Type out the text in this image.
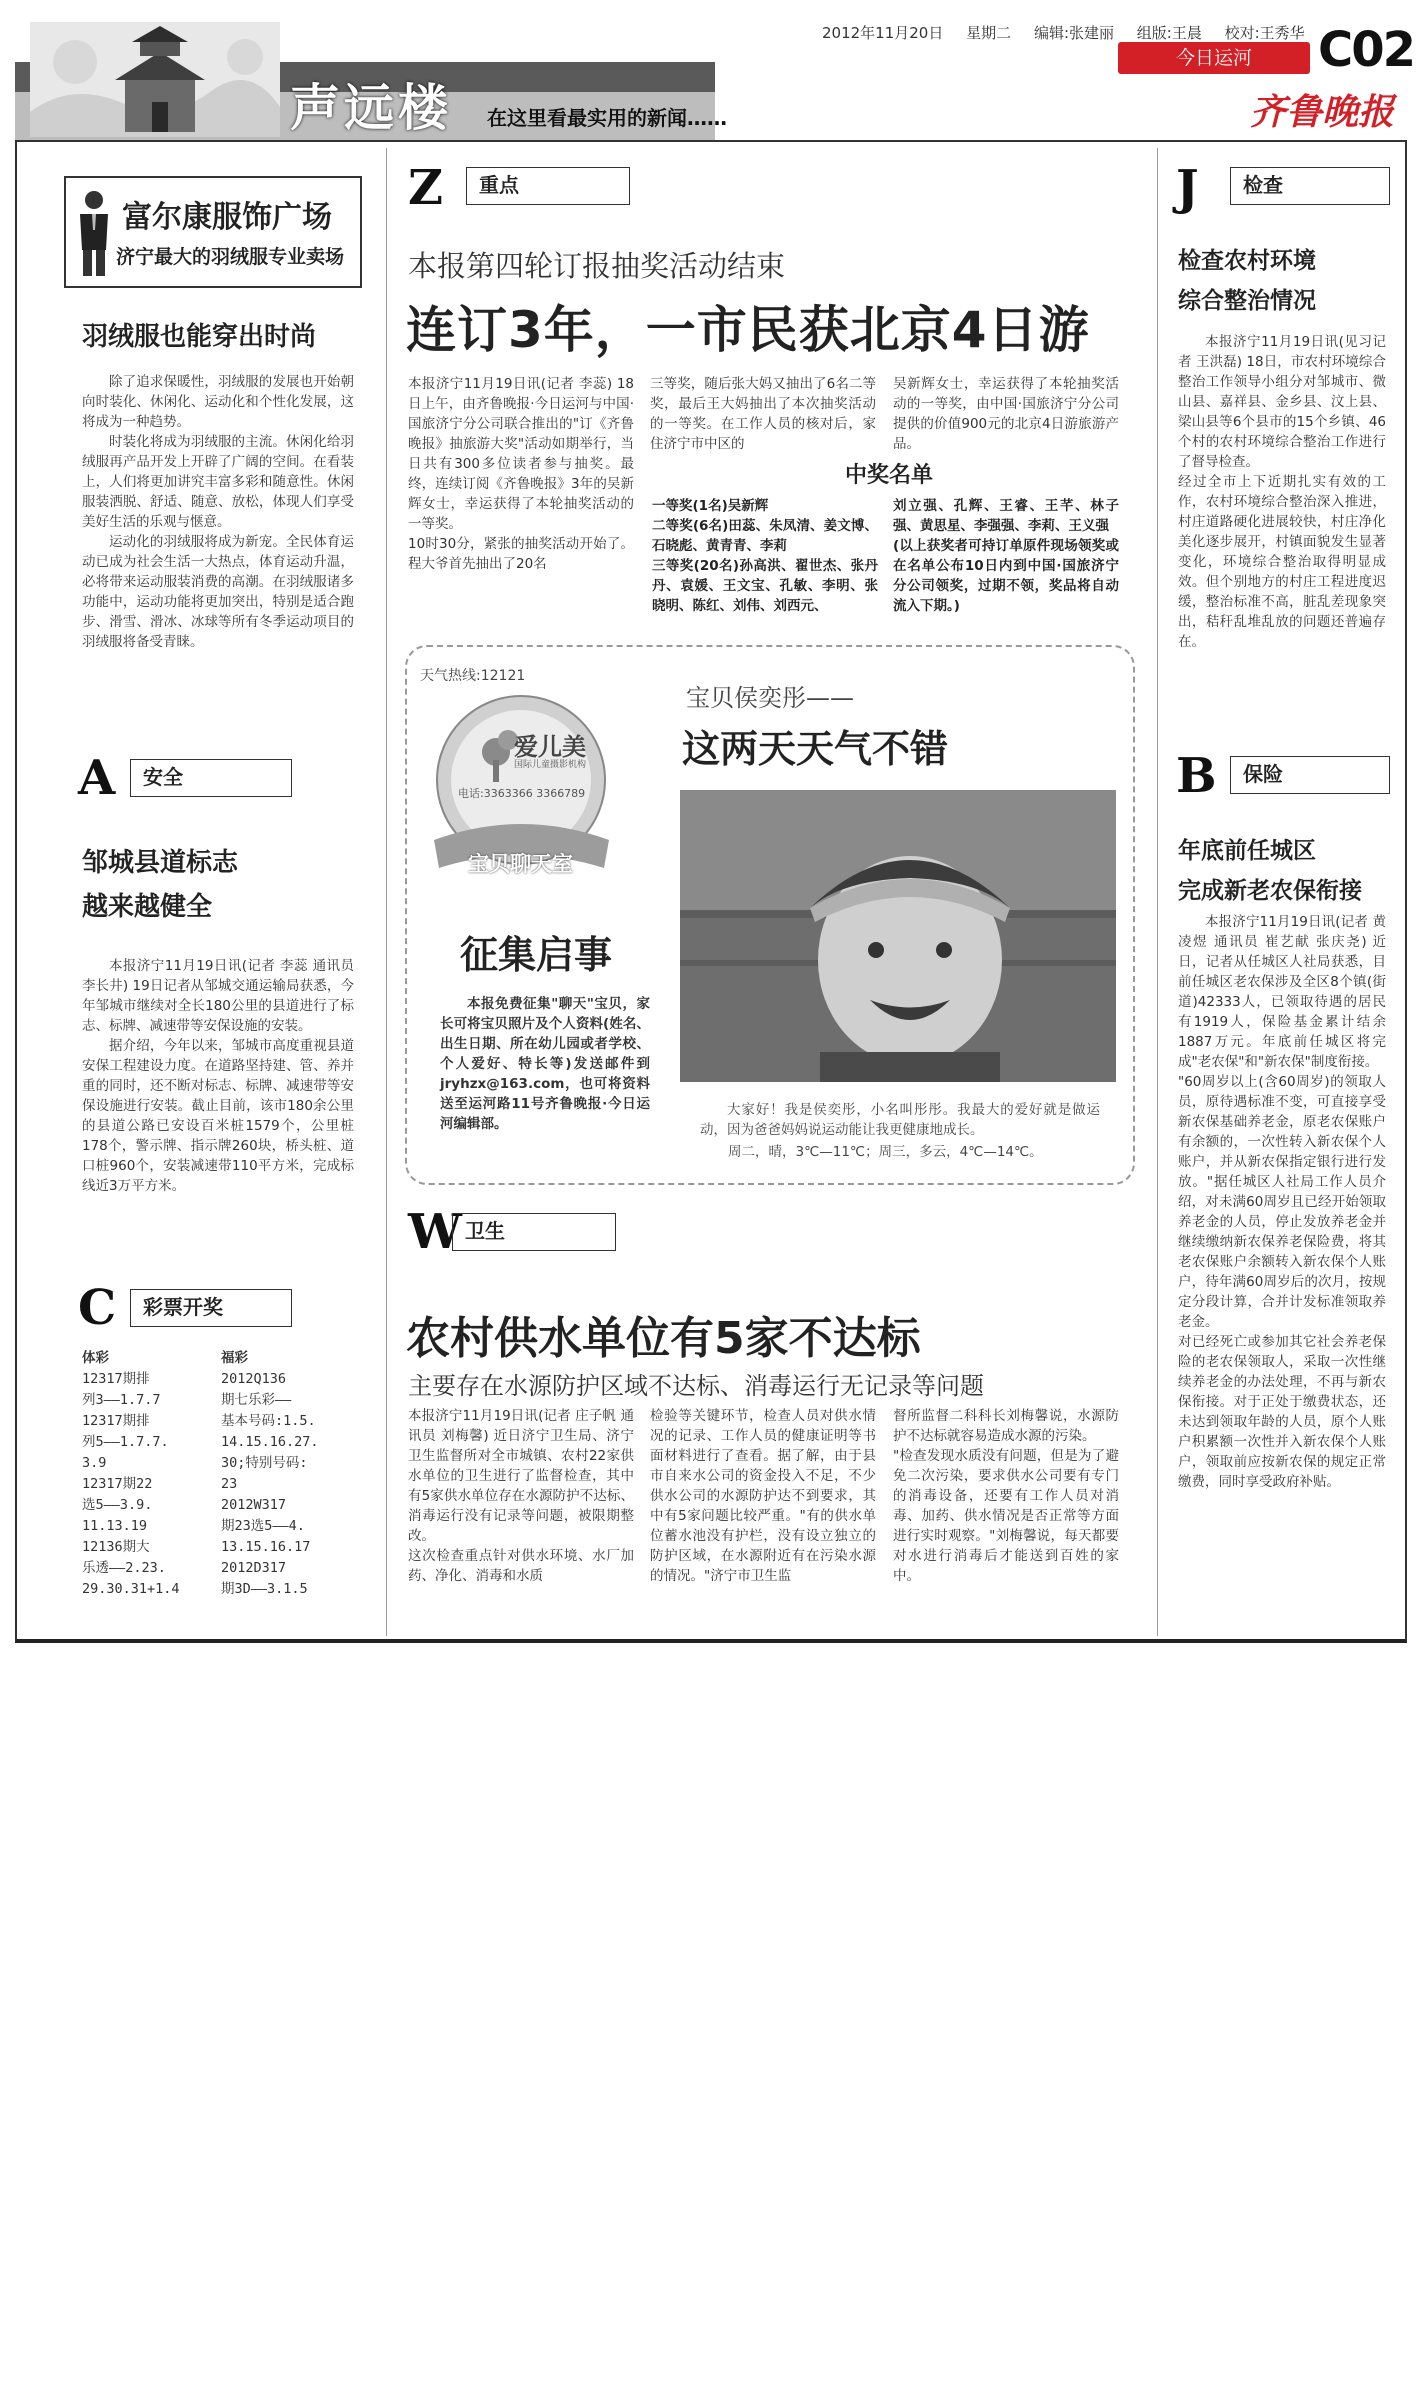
声远楼 在这里看最实用的新闻……
2012年11月20日 星期二 编辑:张建丽 组版:王晨 校对:王秀华
今日运河	C02
齐鲁晚报
富尔康服饰广场
济宁最大的羽绒服专业卖场
羽绒服也能穿出时尚

除了追求保暖性，羽绒服的发展也开始朝向时装化、休闲化、运动化和个性化发展，这将成为一种趋势。

时装化将成为羽绒服的主流。休闲化给羽绒服再产品开发上开辟了广阔的空间。在看装上，人们将更加讲究丰富多彩和随意性。休闲服装洒脱、舒适、随意、放松，体现人们享受美好生活的乐观与惬意。

运动化的羽绒服将成为新宠。全民体育运动已成为社会生活一大热点，体育运动升温，必将带来运动服装消费的高潮。在羽绒服诸多功能中，运动功能将更加突出，特别是适合跑步、滑雪、滑冰、冰球等所有冬季运动项目的羽绒服将备受青睐。

A	安全
邹城县道标志
越来越健全

本报济宁11月19日讯(记者 李蕊 通讯员 李长井) 19日记者从邹城交通运输局获悉，今年邹城市继续对全长180公里的县道进行了标志、标牌、减速带等安保设施的安装。

据介绍，今年以来，邹城市高度重视县道安保工程建设力度。在道路坚持建、管、养并重的同时，还不断对标志、标牌、减速带等安保设施进行安装。截止目前，该市180余公里的县道公路已安设百米桩1579个，公里桩178个，警示牌、指示牌260块，桥头桩、道口桩960个，安装减速带110平方米，完成标线近3万平方米。

C	彩票开奖
体彩
12317期排
列3——1.7.7
12317期排
列5——1.7.7.
3.9
12317期22
选5——3.9.
11.13.19
12136期大
乐透——2.23.
29.30.31+1.4
福彩
2012Q136
期七乐彩——
基本号码:1.5.
14.15.16.27.
30;特别号码:
23
2012W317
期23选5——4.
13.15.16.17
2012D317
期3D——3.1.5
Z	重点
本报第四轮订报抽奖活动结束
连订3年，一市民获北京4日游
本报济宁11月19日讯(记者 李蕊) 18日上午，由齐鲁晚报·今日运河与中国·国旅济宁分公司联合推出的"订《齐鲁晚报》抽旅游大奖"活动如期举行，当日共有300多位读者参与抽奖。最终，连续订阅《齐鲁晚报》3年的吴新辉女士，幸运获得了本轮抽奖活动的一等奖。
10时30分，紧张的抽奖活动开始了。程大爷首先抽出了20名
三等奖，随后张大妈又抽出了6名二等奖，最后王大妈抽出了本次抽奖活动的一等奖。在工作人员的核对后，家住济宁市中区的
吴新辉女士，幸运获得了本轮抽奖活动的一等奖，由中国·国旅济宁分公司提供的价值900元的北京4日游旅游产品。
中奖名单
一等奖(1名)吴新辉
二等奖(6名)田蕊、朱凤清、姜文博、石晓彪、黄青青、李莉
三等奖(20名)孙高洪、翟世杰、张丹丹、袁媛、王文宝、孔敏、李明、张晓明、陈红、刘伟、刘西元、
刘立强、孔辉、王睿、王芊、林子强、黄思星、李强强、李莉、王义强
(以上获奖者可持订单原件现场领奖或在名单公布10日内到中国·国旅济宁分公司领奖，过期不领，奖品将自动流入下期。)
天气热线:12121
爱儿美
国际儿童摄影机构
电话:3363366 3366789
宝贝聊天室
宝贝侯奕彤——
这两天天气不错
征集启事
本报免费征集"聊天"宝贝，家长可将宝贝照片及个人资料(姓名、出生日期、所在幼儿园或者学校、个人爱好、特长等)发送邮件到jryhzx@163.com，也可将资料送至运河路11号齐鲁晚报·今日运河编辑部。
大家好！我是侯奕彤，小名叫彤彤。我最大的爱好就是做运动，因为爸爸妈妈说运动能让我更健康地成长。
周二，晴，3℃—11℃；周三，多云，4℃—14℃。
W 卫生
农村供水单位有5家不达标
主要存在水源防护区域不达标、消毒运行无记录等问题
本报济宁11月19日讯(记者 庄子帆 通讯员 刘梅馨) 近日济宁卫生局、济宁卫生监督所对全市城镇、农村22家供水单位的卫生进行了监督检查，其中有5家供水单位存在水源防护不达标、消毒运行没有记录等问题，被限期整改。
这次检查重点针对供水环境、水厂加药、净化、消毒和水质
检验等关键环节，检查人员对供水情况的记录、工作人员的健康证明等书面材料进行了查看。据了解，由于县市自来水公司的资金投入不足，不少供水公司的水源防护达不到要求，其中有5家问题比较严重。"有的供水单位蓄水池没有护栏，没有设立独立的防护区域，在水源附近有在污染水源的情况。"济宁市卫生监
督所监督二科科长刘梅馨说，水源防护不达标就容易造成水源的污染。
"检查发现水质没有问题，但是为了避免二次污染，要求供水公司要有专门的消毒设备，还要有工作人员对消毒、加药、供水情况是否正常等方面进行实时观察。"刘梅馨说，每天都要对水进行消毒后才能送到百姓的家中。
J	检查
检查农村环境
综合整治情况
本报济宁11月19日讯(见习记者 王洪磊) 18日，市农村环境综合整治工作领导小组分对邹城市、微山县、嘉祥县、金乡县、汶上县、梁山县等6个县市的15个乡镇、46个村的农村环境综合整治工作进行了督导检查。
经过全市上下近期扎实有效的工作，农村环境综合整治深入推进，村庄道路硬化进展较快，村庄净化美化逐步展开，村镇面貌发生显著变化，环境综合整治取得明显成效。但个别地方的村庄工程进度迟缓，整治标准不高，脏乱差现象突出，秸秆乱堆乱放的问题还普遍存在。
B	保险
年底前任城区
完成新老农保衔接
本报济宁11月19日讯(记者 黄凌煜 通讯员 崔艺献 张庆尧) 近日，记者从任城区人社局获悉，目前任城区老农保涉及全区8个镇(街道)42333人，已领取待遇的居民有1919人，保险基金累计结余1887万元。年底前任城区将完成"老农保"和"新农保"制度衔接。
"60周岁以上(含60周岁)的领取人员，原待遇标准不变，可直接享受新农保基础养老金，原老农保账户有余额的，一次性转入新农保个人账户，并从新农保指定银行进行发放。"据任城区人社局工作人员介绍，对未满60周岁且已经开始领取养老金的人员，停止发放养老金并继续缴纳新农保养老保险费，将其老农保账户余额转入新农保个人账户，待年满60周岁后的次月，按规定分段计算，合并计发标准领取养老金。
对已经死亡或参加其它社会养老保险的老农保领取人，采取一次性继续养老金的办法处理，不再与新农保衔接。对于正处于缴费状态，还未达到领取年龄的人员，原个人账户积累额一次性并入新农保个人账户，领取前应按新农保的规定正常缴费，同时享受政府补贴。
